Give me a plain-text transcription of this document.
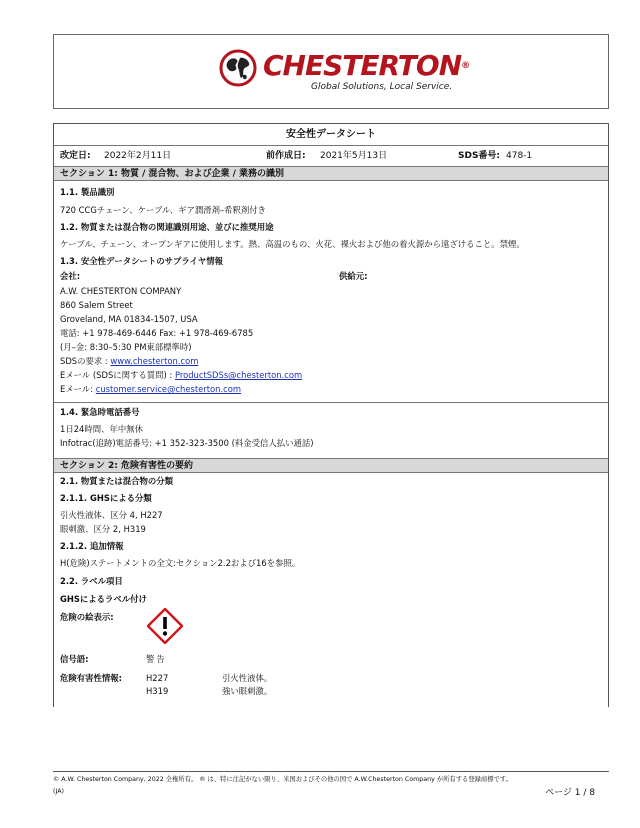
CHESTERTON®
Global Solutions, Local Service.
安全性データシート
改定日: 2022年2月11日	前作成日: 2021年5月13日	SDS番号: 478-1
セクション 1: 物質 / 混合物、および企業 / 業務の識別
1.1. 製品識別
720 CCGチェーン、ケーブル、ギア潤滑剤–希釈剤付き
1.2. 物質または混合物の関連識別用途、並びに推奨用途
ケーブル、チェーン、オープンギアに使用します。熱、高温のもの、火花、裸火および他の着火源から遠ざけること。禁煙。
1.3. 安全性データシートのサプライヤ情報
会社:	供給元:
A.W. CHESTERTON COMPANY
860 Salem Street
Groveland, MA 01834-1507, USA
電話: +1 978-469-6446 Fax: +1 978-469-6785
(月–金: 8:30–5:30 PM東部標準時)
SDSの要求 : www.chesterton.com
Eメール (SDSに関する質問) : ProductSDSs@chesterton.com
Eメール: customer.service@chesterton.com
1.4. 緊急時電話番号
1日24時間、年中無休
Infotrac(追跡)電話番号: +1 352-323-3500 (料金受信人払い通話)
セクション 2: 危険有害性の要約
2.1. 物質または混合物の分類
2.1.1. GHSによる分類
引火性液体、区分 4, H227
眼刺激、区分 2, H319
2.1.2. 追加情報
H(危険)ステートメントの全文:セクション2.2および16を参照。
2.2. ラベル項目
GHSによるラベル付け
危険の絵表示:
信号語:	警告
危険有害性情報:	H227	引火性液体。
H319	強い眼刺激。
© A.W. Chesterton Company, 2022 全権所有。 ® は、特に注記がない限り、米国およびその他の国で A.W.Chesterton Company が所有する登録商標です。
(JA)	ページ 1 / 8
